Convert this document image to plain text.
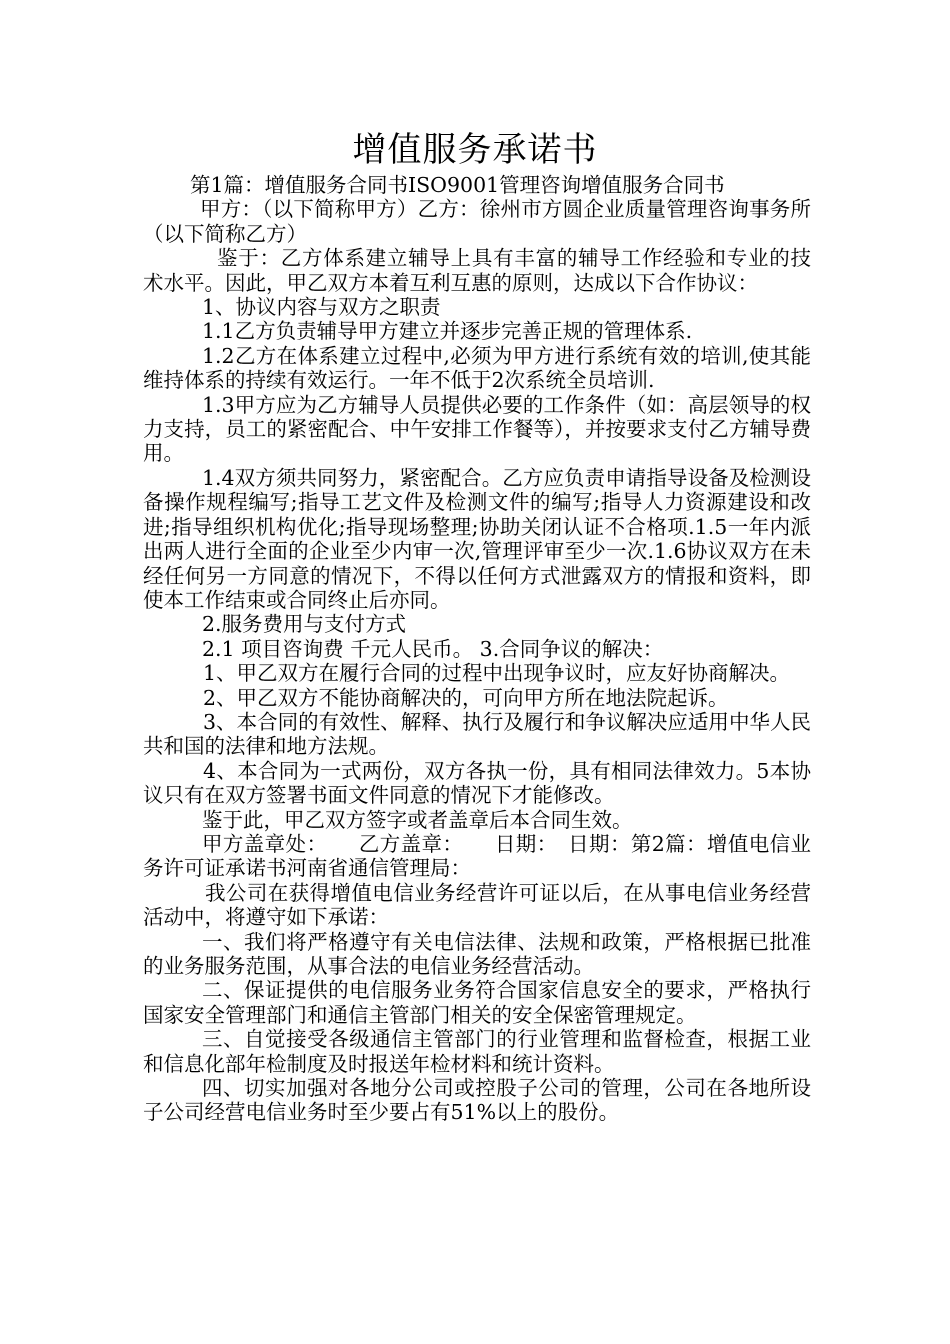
增值服务承诺书

第1篇：增值服务合同书ISO9001管理咨询增值服务合同书

甲方：（以下简称甲方）乙方：徐州市方圆企业质量管理咨询事务所（以下简称乙方）

鉴于：乙方体系建立辅导上具有丰富的辅导工作经验和专业的技术水平。因此，甲乙双方本着互利互惠的原则，达成以下合作协议：

1、协议内容与双方之职责

1.1乙方负责辅导甲方建立并逐步完善正规的管理体系.

1.2乙方在体系建立过程中,必须为甲方进行系统有效的培训,使其能维持体系的持续有效运行。一年不低于2次系统全员培训.

1.3甲方应为乙方辅导人员提供必要的工作条件（如：高层领导的权力支持，员工的紧密配合、中午安排工作餐等），并按要求支付乙方辅导费用。

1.4双方须共同努力，紧密配合。乙方应负责申请指导设备及检测设备操作规程编写;指导工艺文件及检测文件的编写;指导人力资源建设和改进;指导组织机构优化;指导现场整理;协助关闭认证不合格项.1.5一年内派出两人进行全面的企业至少内审一次,管理评审至少一次.1.6协议双方在未经任何另一方同意的情况下，不得以任何方式泄露双方的情报和资料，即使本工作结束或合同终止后亦同。

2.服务费用与支付方式

2.1 项目咨询费 千元人民币。 3.合同争议的解决：

1、甲乙双方在履行合同的过程中出现争议时，应友好协商解决。

2、甲乙双方不能协商解决的，可向甲方所在地法院起诉。

3、本合同的有效性、解释、执行及履行和争议解决应适用中华人民共和国的法律和地方法规。

4、本合同为一式两份，双方各执一份，具有相同法律效力。5本协议只有在双方签署书面文件同意的情况下才能修改。

鉴于此，甲乙双方签字或者盖章后本合同生效。

甲方盖章处：　　乙方盖章：　　日期：　日期：第2篇：增值电信业务许可证承诺书河南省通信管理局：

我公司在获得增值电信业务经营许可证以后，在从事电信业务经营活动中，将遵守如下承诺：

一、我们将严格遵守有关电信法律、法规和政策，严格根据已批准的业务服务范围，从事合法的电信业务经营活动。

二、保证提供的电信服务业务符合国家信息安全的要求，严格执行国家安全管理部门和通信主管部门相关的安全保密管理规定。

三、自觉接受各级通信主管部门的行业管理和监督检查，根据工业和信息化部年检制度及时报送年检材料和统计资料。

四、切实加强对各地分公司或控股子公司的管理，公司在各地所设子公司经营电信业务时至少要占有51%以上的股份。
